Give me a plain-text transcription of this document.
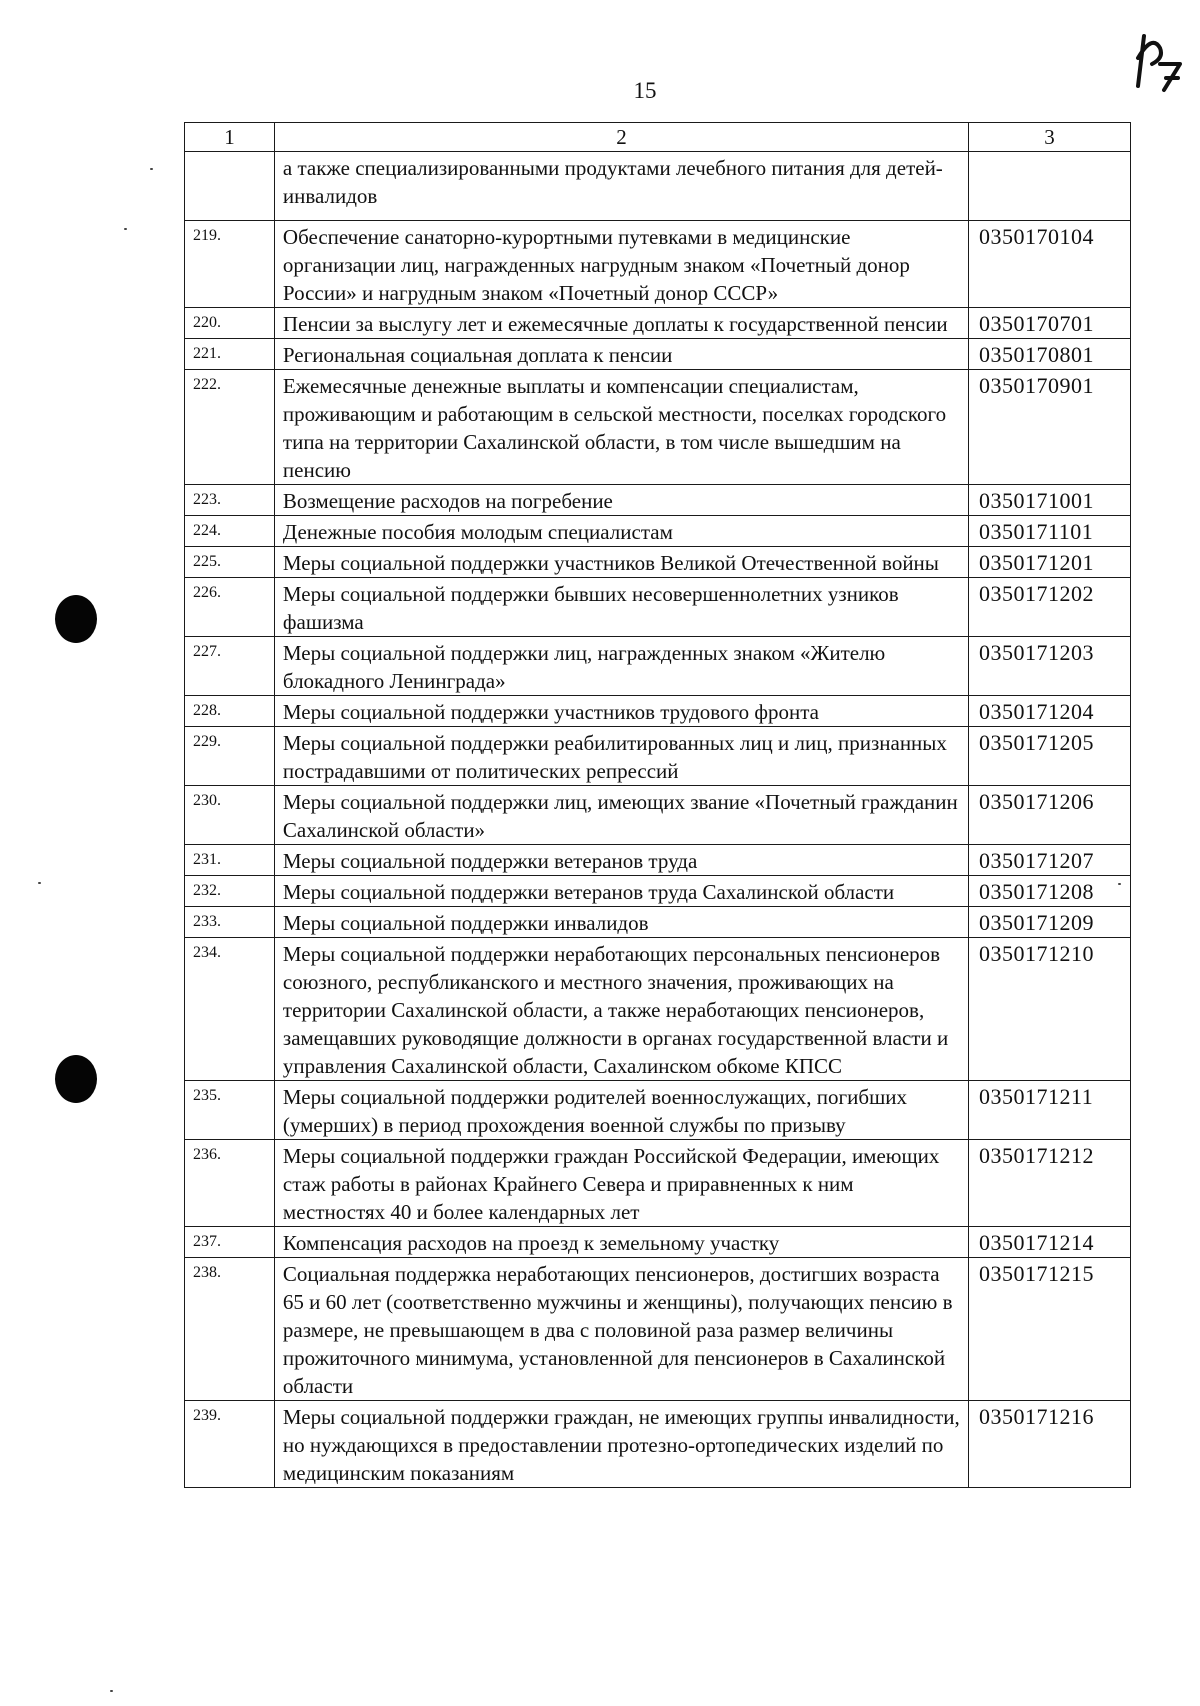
15
1	2	3
	а также специализированными продуктами лечебного питания для детей-инвалидов	
219.	Обеспечение санаторно-курортными путевками в медицинские организации лиц, награжденных нагрудным знаком «Почетный донор России» и нагрудным знаком «Почетный донор СССР»	0350170104
220.	Пенсии за выслугу лет и ежемесячные доплаты к государственной пенсии	0350170701
221.	Региональная социальная доплата к пенсии	0350170801
222.	Ежемесячные денежные выплаты и компенсации специалистам, проживающим и работающим в сельской местности, поселках городского типа на территории Сахалинской области, в том числе вышедшим на пенсию	0350170901
223.	Возмещение расходов на погребение	0350171001
224.	Денежные пособия молодым специалистам	0350171101
225.	Меры социальной поддержки участников Великой Отечественной войны	0350171201
226.	Меры социальной поддержки бывших несовершеннолетних узников фашизма	0350171202
227.	Меры социальной поддержки лиц, награжденных знаком «Жителю блокадного Ленинграда»	0350171203
228.	Меры социальной поддержки участников трудового фронта	0350171204
229.	Меры социальной поддержки реабилитированных лиц и лиц, признанных пострадавшими от политических репрессий	0350171205
230.	Меры социальной поддержки лиц, имеющих звание «Почетный гражданин Сахалинской области»	0350171206
231.	Меры социальной поддержки ветеранов труда	0350171207
232.	Меры социальной поддержки ветеранов труда Сахалинской области	0350171208
233.	Меры социальной поддержки инвалидов	0350171209
234.	Меры социальной поддержки неработающих персональных пенсионеров союзного, республиканского и местного значения, проживающих на территории Сахалинской области, а также неработающих пенсионеров, замещавших руководящие должности в органах государственной власти и управления Сахалинской области, Сахалинском обкоме КПСС	0350171210
235.	Меры социальной поддержки родителей военнослужащих, погибших (умерших) в период прохождения военной службы по призыву	0350171211
236.	Меры социальной поддержки граждан Российской Федерации, имеющих стаж работы в районах Крайнего Севера и приравненных к ним местностях 40 и более календарных лет	0350171212
237.	Компенсация расходов на проезд к земельному участку	0350171214
238.	Социальная поддержка неработающих пенсионеров, достигших возраста 65 и 60 лет (соответственно мужчины и женщины), получающих пенсию в размере, не превышающем в два с половиной раза размер величины прожиточного минимума, установленной для пенсионеров в Сахалинской области	0350171215
239.	Меры социальной поддержки граждан, не имеющих группы инвалидности, но нуждающихся в предоставлении протезно-ортопедических изделий по медицинским показаниям	0350171216
